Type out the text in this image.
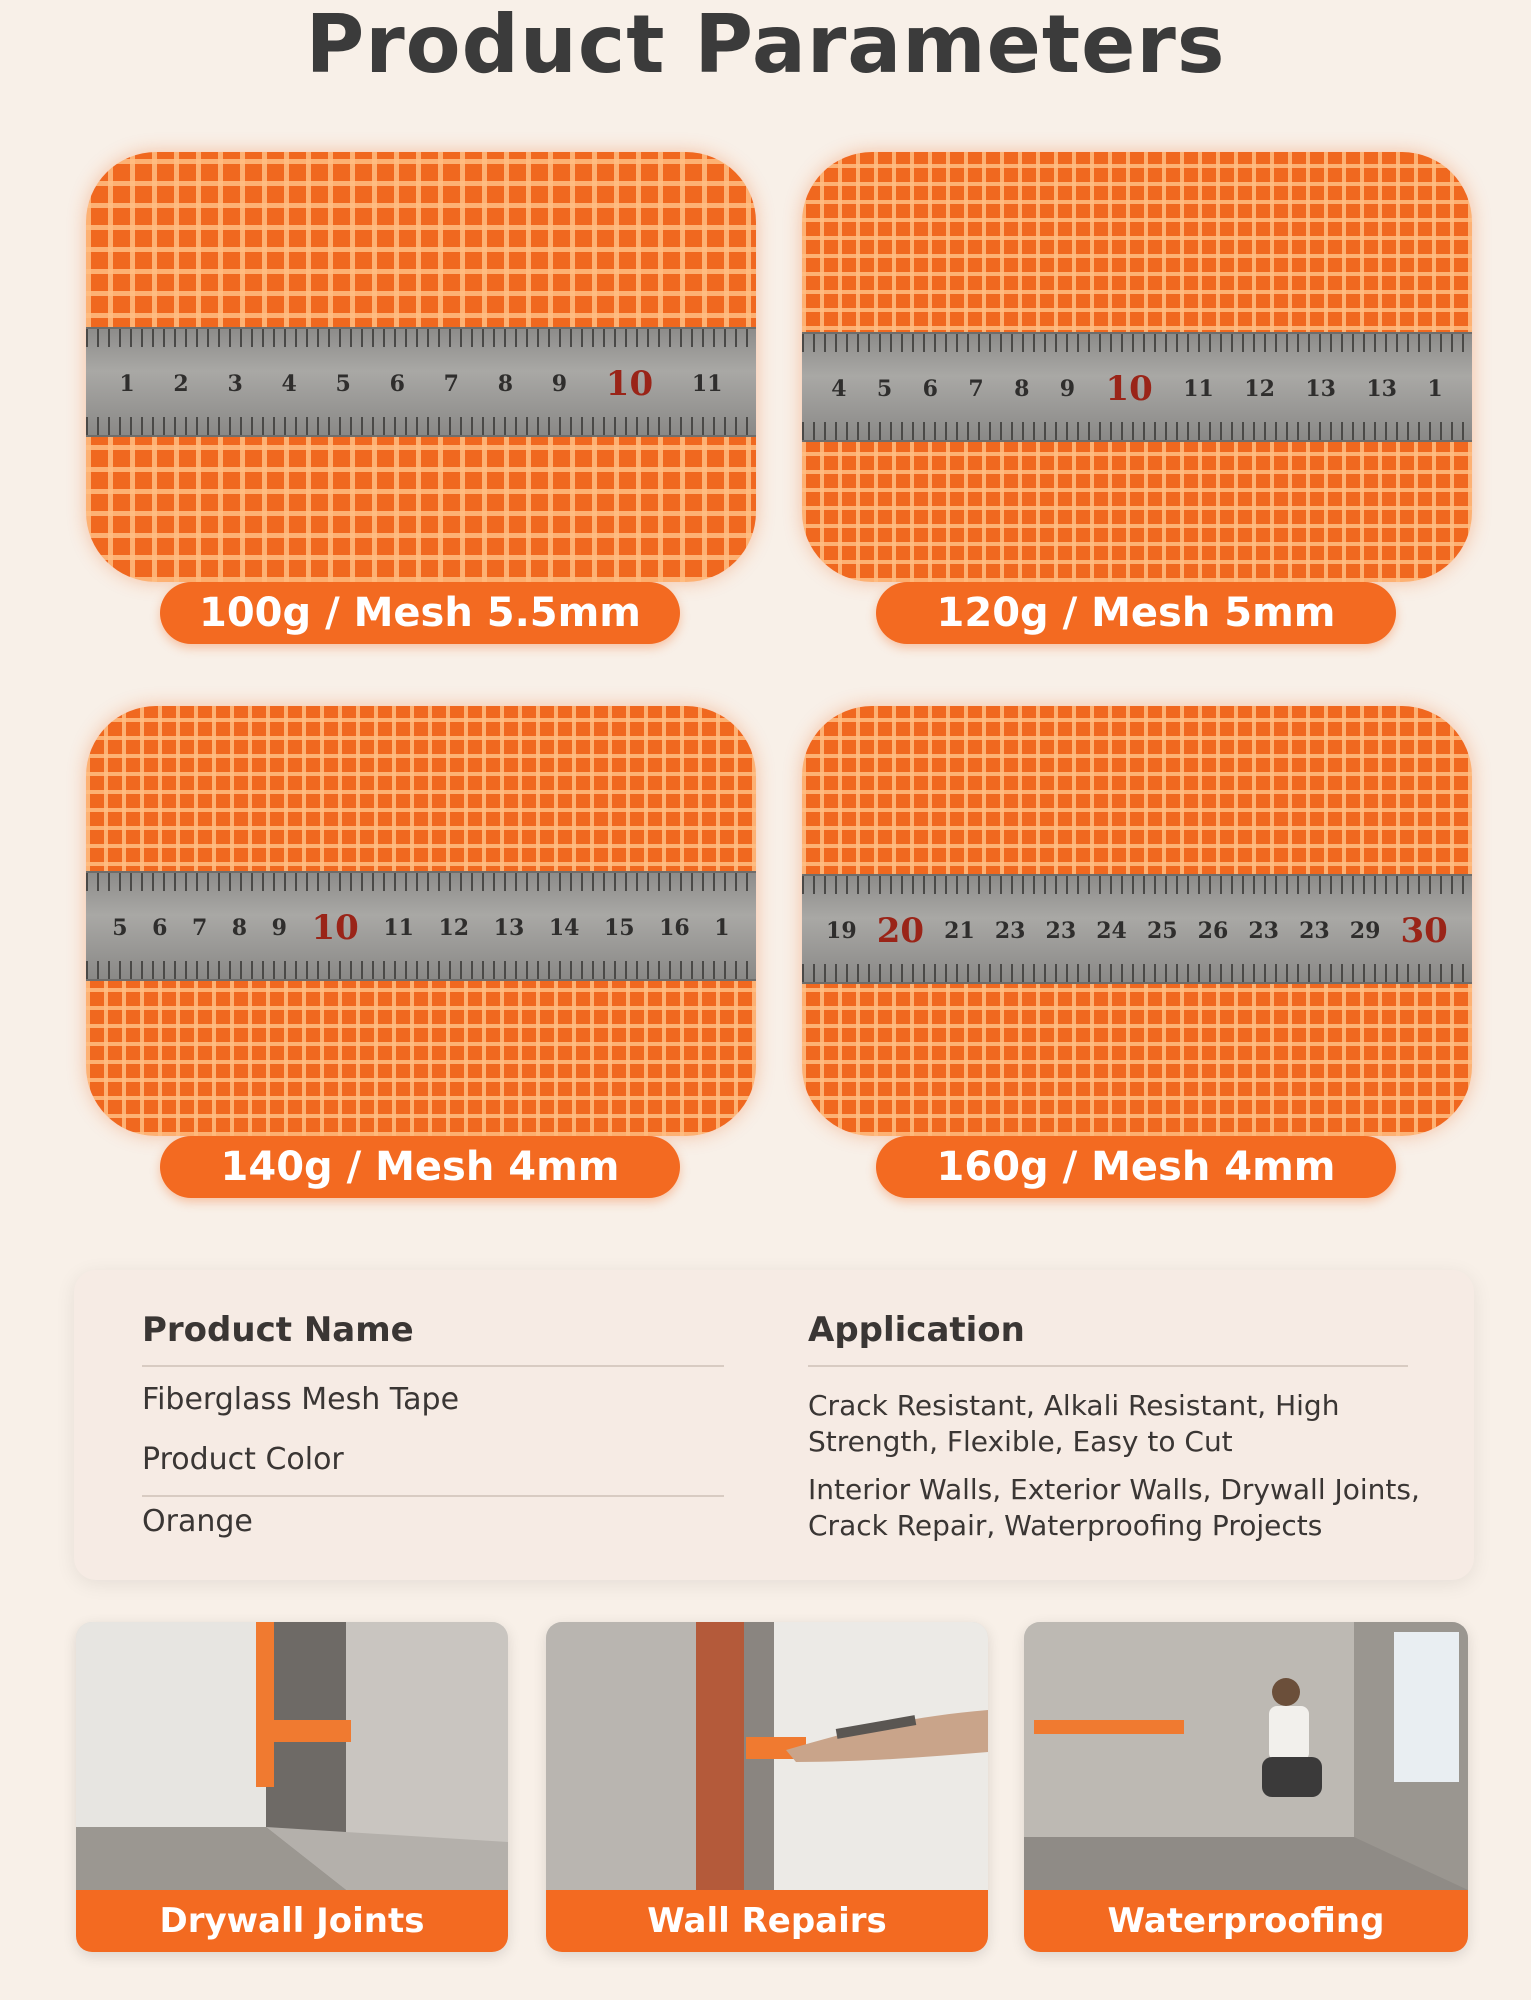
Product Parameters
1 2 3 4 5 6 7 8 9 10 11
100g / Mesh 5.5mm
4 5 6 7 8 9 10 11 12 13 13 1
120g / Mesh 5mm
5 6 7 8 9 10 11 12 13 14 15 16 1
140g / Mesh 4mm
19 20 21 23 23 24 25 26 23 23 29 30
160g / Mesh 4mm
Product Name
Fiberglass Mesh Tape
Product Color
Orange
Application
Crack Resistant, Alkali Resistant, High Strength, Flexible, Easy to Cut
Interior Walls, Exterior Walls, Drywall Joints, Crack Repair, Waterproofing Projects
Drywall Joints	Wall Repairs	Waterproofing
